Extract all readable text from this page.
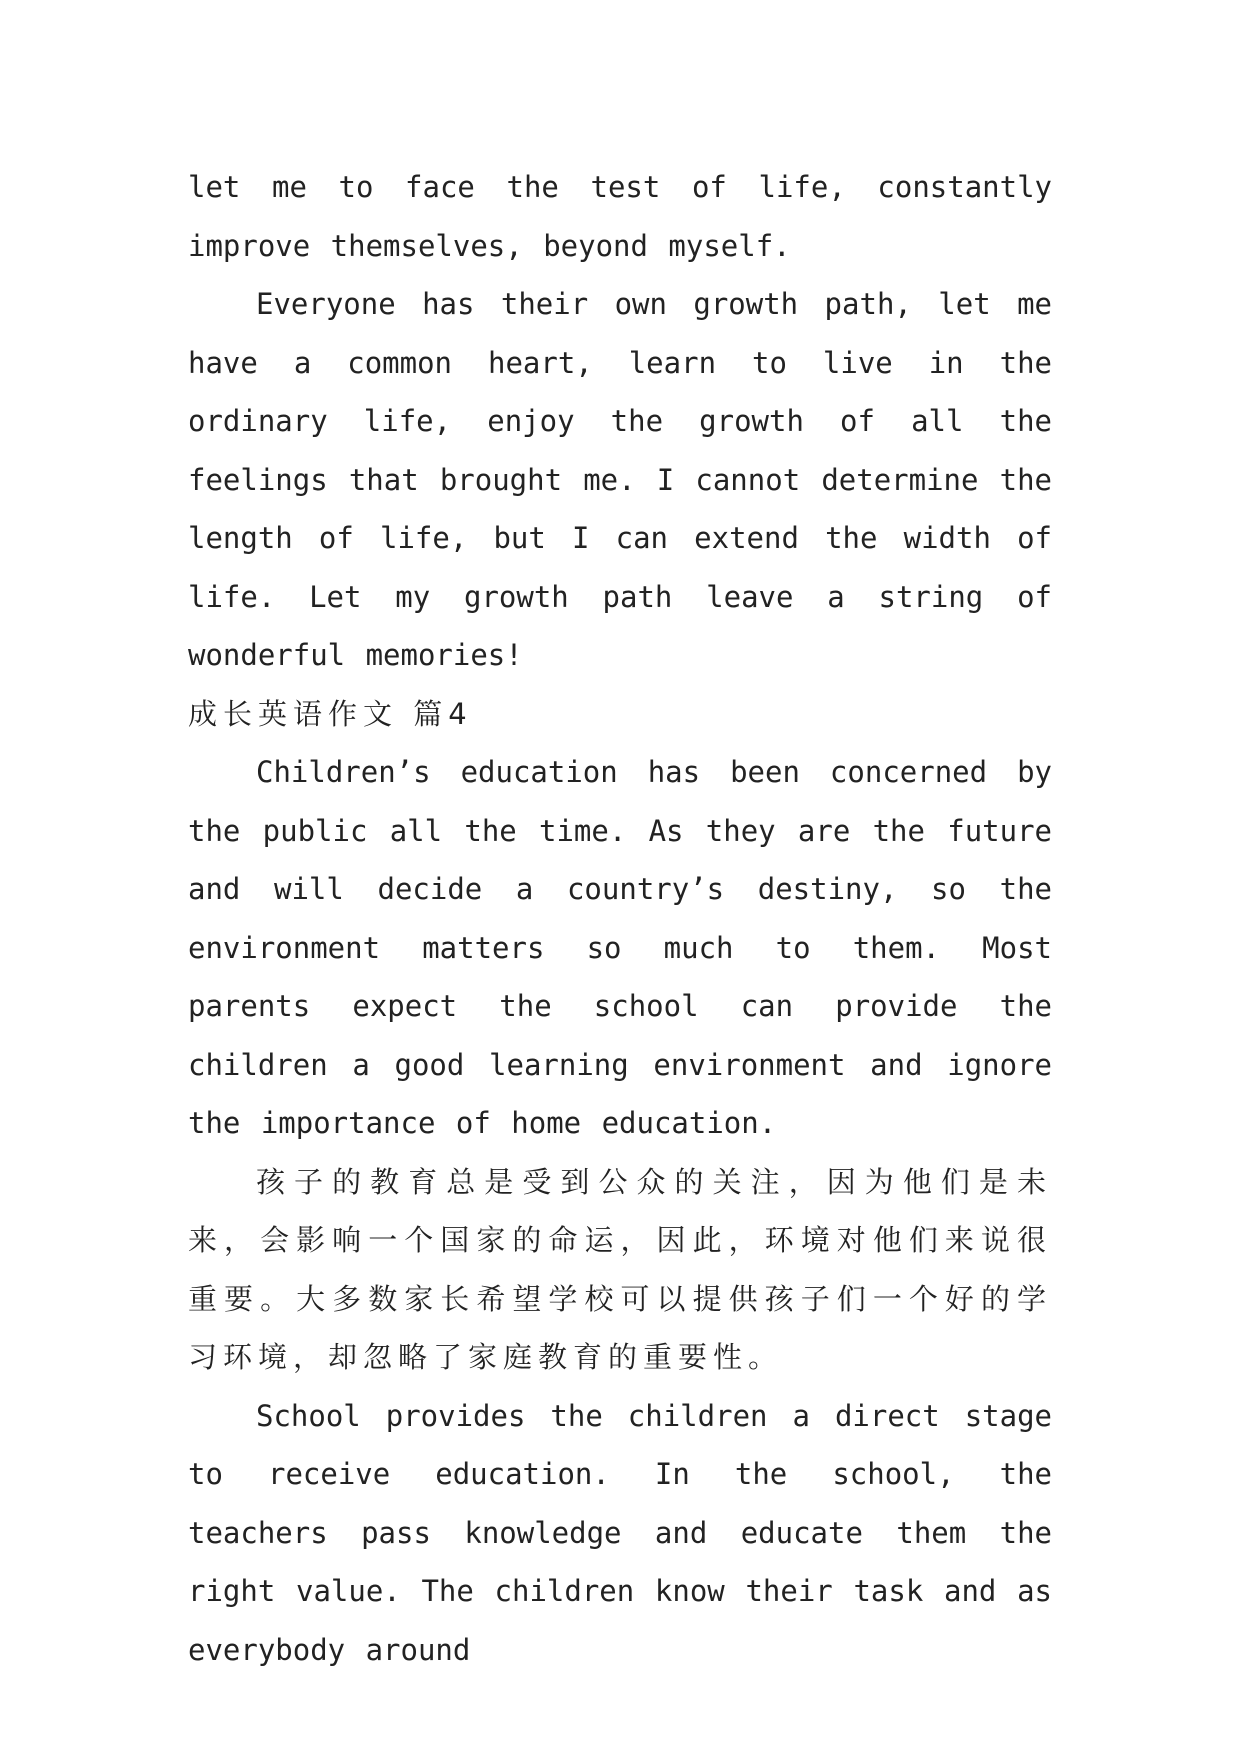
let me to face the test of life, constantly improve themselves, beyond myself.

Everyone has their own growth path, let me have a common heart, learn to live in the ordinary life, enjoy the growth of all the feelings that brought me. I cannot determine the length of life, but I can extend the width of life. Let my growth path leave a string of wonderful memories!

成长英语作文 篇4

Children’s education has been concerned by the public all the time. As they are the future and will decide a country’s destiny, so the environment matters so much to them. Most parents expect the school can provide the children a good learning environment and ignore the importance of home education.

孩子的教育总是受到公众的关注，因为他们是未来，会影响一个国家的命运，因此，环境对他们来说很重要。大多数家长希望学校可以提供孩子们一个好的学习环境，却忽略了家庭教育的重要性。

School provides the children a direct stage to receive education. In the school, the teachers pass knowledge and educate them the right value. The children know their task and as everybody around
